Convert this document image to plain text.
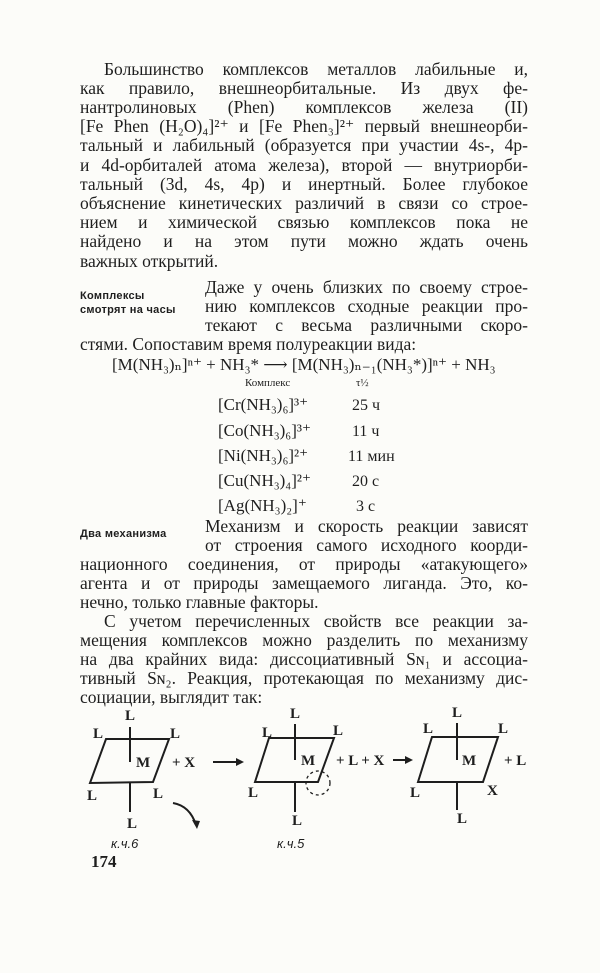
Большинство комплексов металлов лабильные и,
как правило, внешнеорбитальные. Из двух фе-
нантролиновых (Phen) комплексов железа (II)
[Fe Phen (H₂O)₄]²⁺ и [Fe Phen₃]²⁺ первый внешнеорби-
тальный и лабильный (образуется при участии 4s-, 4p-
и 4d-орбиталей атома железа), второй — внутриорби-
тальный (3d, 4s, 4p) и инертный. Более глубокое
объяснение кинетических различий в связи со строе-
нием и химической связью комплексов пока не
найдено и на этом пути можно ждать очень
важных открытий.
Комплексы
смотрят на часы
Даже у очень близких по своему строе-
нию комплексов сходные реакции про-
текают с весьма различными скоро-
стями. Сопоставим время полуреакции вида:
[M(NH₃)ₙ]ⁿ⁺ + NH₃* ⟶ [M(NH₃)ₙ₋₁(NH₃*)]ⁿ⁺ + NH₃
Комплекс	τ½
[Cr(NH₃)₆]³⁺	25 ч
[Co(NH₃)₆]³⁺	11 ч
[Ni(NH₃)₆]²⁺ 11 мин
[Cu(NH₃)₄]²⁺	20 с
[Ag(NH₃)₂]⁺	3 с
Два механизма Механизм и скорость реакции зависят
от строения самого исходного коорди-
национного соединения, от природы «атакующего»
агента и от природы замещаемого лиганда. Это, ко-
нечно, только главные факторы.
С учетом перечисленных свойств все реакции за-
мещения комплексов можно разделить по механизму
на два крайних вида: диссоциативный Sɴ₁ и ассоциа-
тивный Sɴ₂. Реакция, протекающая по механизму дис-
социации, выглядит так:
L
L	L
M
L	L
L
+ X
к.ч.6
L
L	L
M
L
L
+ L + X
к.ч.5
L
L	L
M + L
L	X
L
174
